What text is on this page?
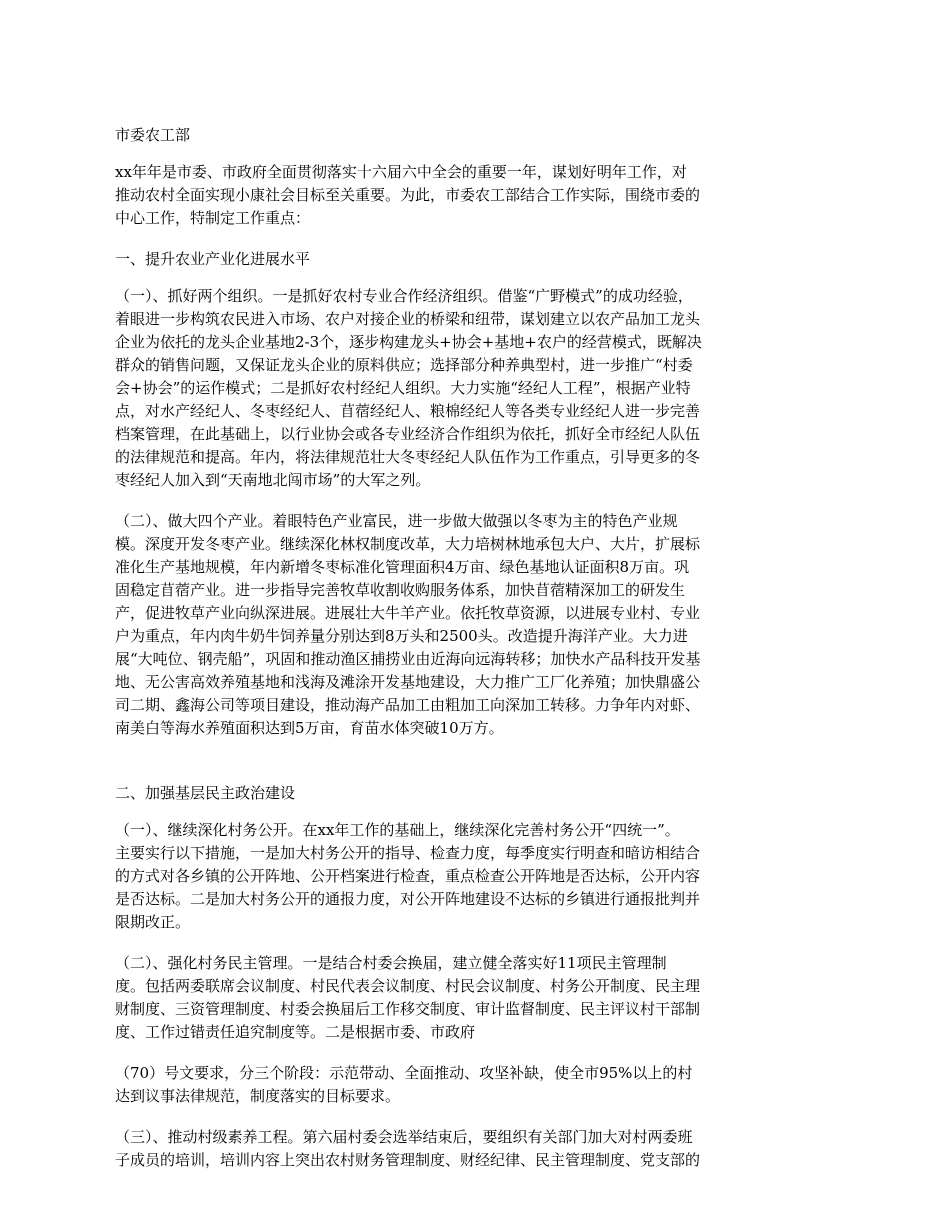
市委农工部

xx年年是市委、市政府全面贯彻落实十六届六中全会的重要一年，谋划好明年工作，对
推动农村全面实现小康社会目标至关重要。为此，市委农工部结合工作实际，围绕市委的
中心工作，特制定工作重点：

一、提升农业产业化进展水平

（一）、抓好两个组织。一是抓好农村专业合作经济组织。借鉴“广野模式”的成功经验，
着眼进一步构筑农民进入市场、农户对接企业的桥梁和纽带，谋划建立以农产品加工龙头
企业为依托的龙头企业基地2-3个，逐步构建龙头+协会+基地+农户的经营模式，既解决
群众的销售问题，又保证龙头企业的原料供应；选择部分种养典型村，进一步推广“村委
会+协会”的运作模式；二是抓好农村经纪人组织。大力实施“经纪人工程”，根据产业特
点，对水产经纪人、冬枣经纪人、苜蓿经纪人、粮棉经纪人等各类专业经纪人进一步完善
档案管理，在此基础上，以行业协会或各专业经济合作组织为依托，抓好全市经纪人队伍
的法律规范和提高。年内，将法律规范壮大冬枣经纪人队伍作为工作重点，引导更多的冬
枣经纪人加入到“天南地北闯市场”的大军之列。

（二）、做大四个产业。着眼特色产业富民，进一步做大做强以冬枣为主的特色产业规
模。深度开发冬枣产业。继续深化林权制度改革，大力培树林地承包大户、大片，扩展标
准化生产基地规模，年内新增冬枣标准化管理面积4万亩、绿色基地认证面积8万亩。巩
固稳定苜蓿产业。进一步指导完善牧草收割收购服务体系，加快苜蓿精深加工的研发生
产，促进牧草产业向纵深进展。进展壮大牛羊产业。依托牧草资源，以进展专业村、专业
户为重点，年内肉牛奶牛饲养量分别达到8万头和2500头。改造提升海洋产业。大力进
展“大吨位、钢壳船”，巩固和推动渔区捕捞业由近海向远海转移；加快水产品科技开发基
地、无公害高效养殖基地和浅海及滩涂开发基地建设，大力推广工厂化养殖；加快鼎盛公
司二期、鑫海公司等项目建设，推动海产品加工由粗加工向深加工转移。力争年内对虾、
南美白等海水养殖面积达到5万亩，育苗水体突破10万方。

二、加强基层民主政治建设

（一）、继续深化村务公开。在xx年工作的基础上，继续深化完善村务公开“四统一”。
主要实行以下措施，一是加大村务公开的指导、检查力度，每季度实行明查和暗访相结合
的方式对各乡镇的公开阵地、公开档案进行检查，重点检查公开阵地是否达标，公开内容
是否达标。二是加大村务公开的通报力度，对公开阵地建设不达标的乡镇进行通报批判并
限期改正。

（二）、强化村务民主管理。一是结合村委会换届，建立健全落实好11项民主管理制
度。包括两委联席会议制度、村民代表会议制度、村民会议制度、村务公开制度、民主理
财制度、三资管理制度、村委会换届后工作移交制度、审计监督制度、民主评议村干部制
度、工作过错责任追究制度等。二是根据市委、市政府

（70）号文要求，分三个阶段：示范带动、全面推动、攻坚补缺，使全市95%以上的村
达到议事法律规范，制度落实的目标要求。

（三）、推动村级素养工程。第六届村委会选举结束后，要组织有关部门加大对村两委班
子成员的培训，培训内容上突出农村财务管理制度、财经纪律、民主管理制度、党支部的
